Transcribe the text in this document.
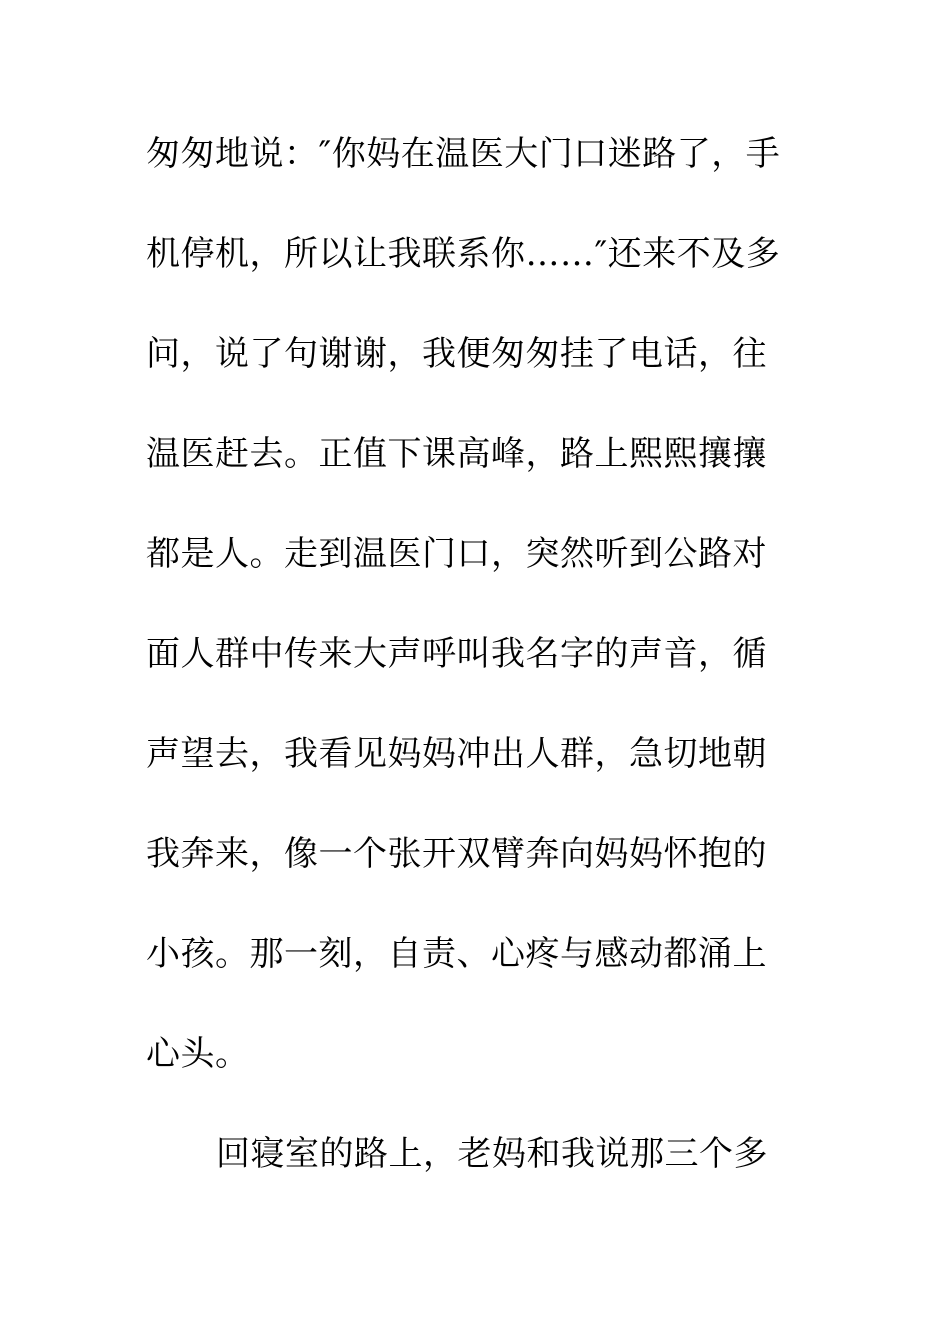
匆匆地说：″你妈在温医大门口迷路了，手
机停机，所以让我联系你……″还来不及多
问，说了句谢谢，我便匆匆挂了电话，往
温医赶去。正值下课高峰，路上熙熙攘攘
都是人。走到温医门口，突然听到公路对
面人群中传来大声呼叫我名字的声音，循
声望去，我看见妈妈冲出人群，急切地朝
我奔来，像一个张开双臂奔向妈妈怀抱的
小孩。那一刻，自责、心疼与感动都涌上
心头。
回寝室的路上，老妈和我说那三个多
